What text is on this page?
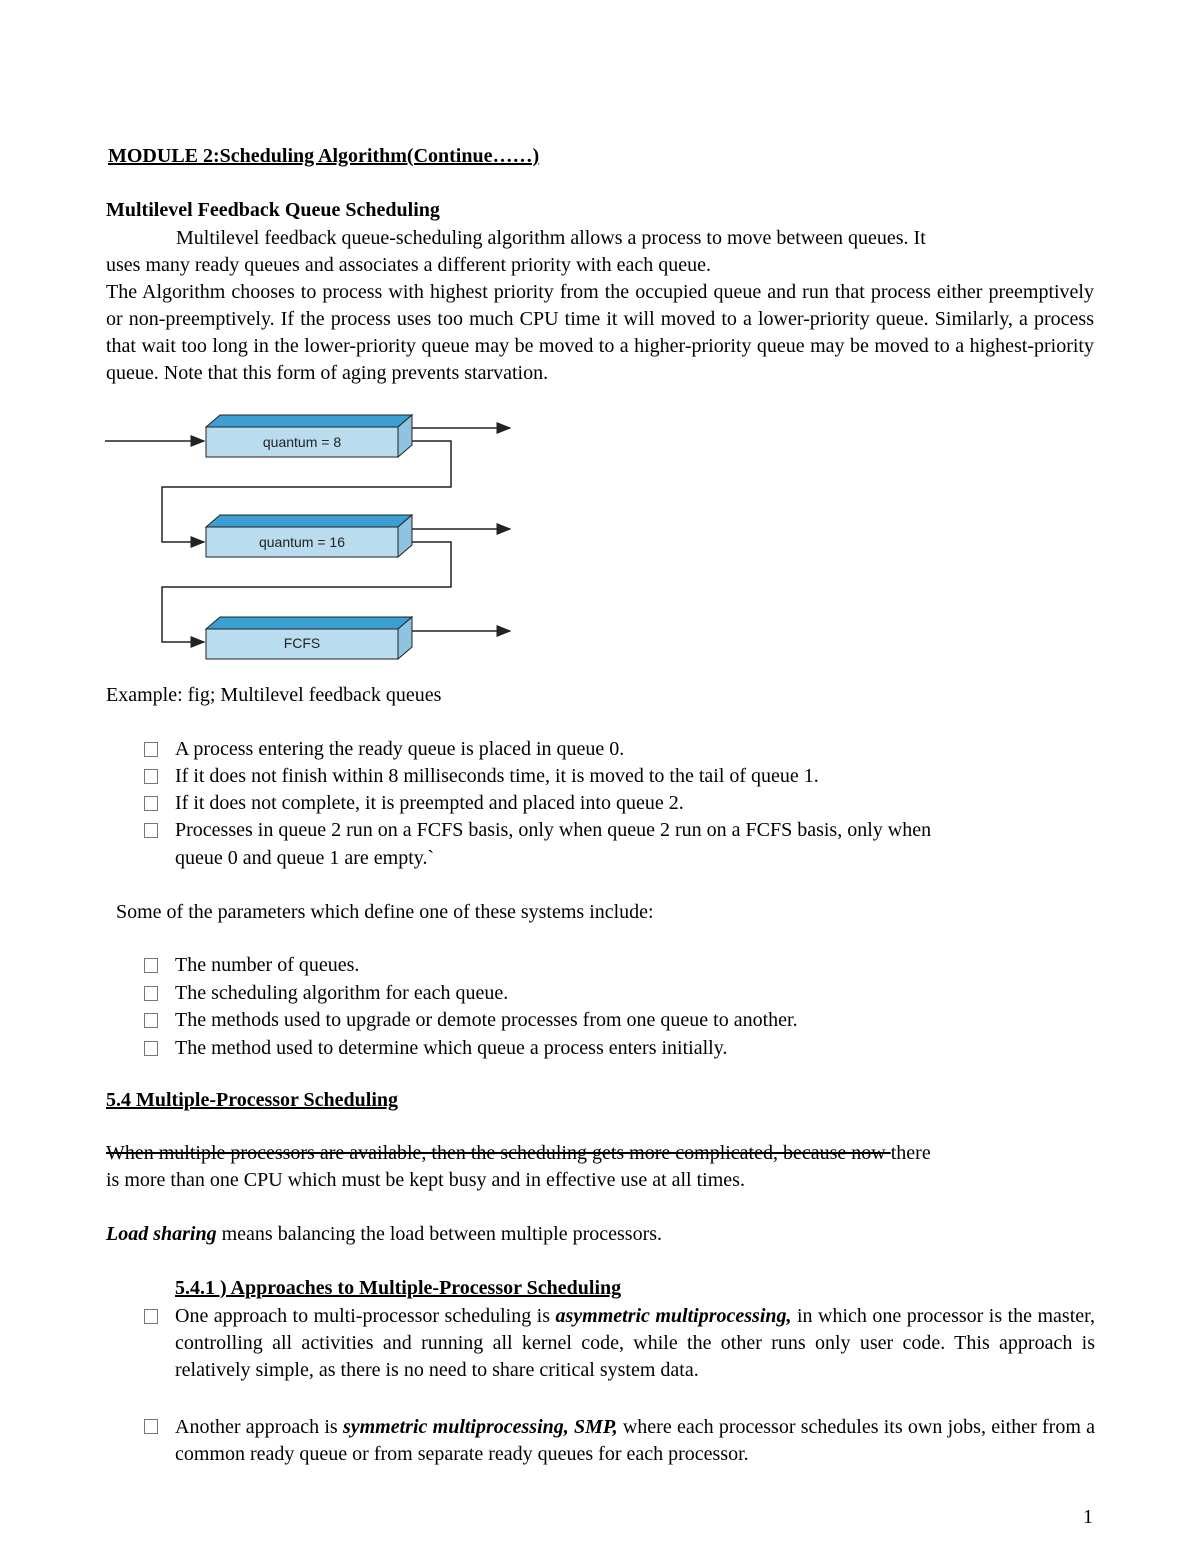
MODULE 2:Scheduling Algorithm(Continue……)
Multilevel Feedback Queue Scheduling
Multilevel feedback queue-scheduling algorithm allows a process to move between queues. It
uses many ready queues and associates a different priority with each queue.
The Algorithm chooses to process with highest priority from the occupied queue and run that process either preemptively or non-preemptively. If the process uses too much CPU time it will moved to a lower-priority queue. Similarly, a process that wait too long in the lower-priority queue may be moved to a higher-priority queue may be moved to a highest-priority queue. Note that this form of aging prevents starvation.
quantum = 8
quantum = 16
FCFS
Example: fig; Multilevel feedback queues
A process entering the ready queue is placed in queue 0.
If it does not finish within 8 milliseconds time, it is moved to the tail of queue 1.
If it does not complete, it is preempted and placed into queue 2.
Processes in queue 2 run on a FCFS basis, only when queue 2 run on a FCFS basis, only when
queue 0 and queue 1 are empty.`
Some of the parameters which define one of these systems include:
The number of queues.
The scheduling algorithm for each queue.
The methods used to upgrade or demote processes from one queue to another.
The method used to determine which queue a process enters initially.
5.4 Multiple-Processor Scheduling
When multiple processors are available, then the scheduling gets more complicated, because now there
is more than one CPU which must be kept busy and in effective use at all times.
Load sharing means balancing the load between multiple processors.
5.4.1 ) Approaches to Multiple-Processor Scheduling
One approach to multi-processor scheduling is asymmetric multiprocessing, in which one processor is the master, controlling all activities and running all kernel code, while the other runs only user code. This approach is relatively simple, as there is no need to share critical system data.
Another approach is symmetric multiprocessing, SMP, where each processor schedules its own jobs, either from a common ready queue or from separate ready queues for each processor.
1
